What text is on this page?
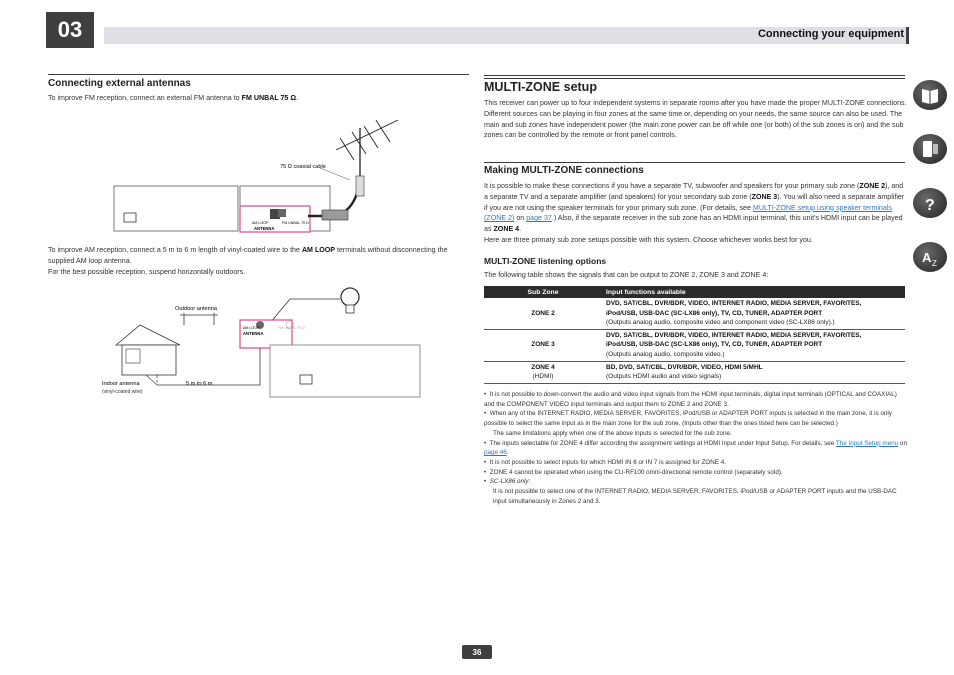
03	Connecting your equipment
Connecting external antennas
To improve FM reception, connect an external FM antenna to FM UNBAL 75 Ω.
75 Ω coaxial cable
AM LOOP	FM UNBAL 75 Ω
ANTENNA
To improve AM reception, connect a 5 m to 6 m length of vinyl-coated wire to the AM LOOP terminals without disconnecting the supplied AM loop antenna.
For the best possible reception, suspend horizontally outdoors.
Outdoor antenna
Indoor antenna
(vinyl-coated wire)
5 m to 6 m
AM LOOP	FM UNBAL 75 Ω
ANTENNA
MULTI-ZONE setup
This receiver can power up to four independent systems in separate rooms after you have made the proper MULTI-ZONE connections.
Different sources can be playing in four zones at the same time or, depending on your needs, the same source can also be used. The main and sub zones have independent power (the main zone power can be off while one (or both) of the sub zones is on) and the sub zones can be controlled by the remote or front panel controls.
Making MULTI-ZONE connections
It is possible to make these connections if you have a separate TV, subwoofer and speakers for your primary sub zone (ZONE 2), and a separate TV and a separate amplifier (and speakers) for your secondary sub zone (ZONE 3). You will also need a separate amplifier if you are not using the speaker terminals for your primary sub zone. (For details, see MULTI-ZONE setup using speaker terminals (ZONE 2) on page 37.) Also, if the separate receiver in the sub zone has an HDMI input terminal, this unit's HDMI input can be played as ZONE 4.
Here are three primary sub zone setups possible with this system. Choose whichever works best for you.
MULTI-ZONE listening options
The following table shows the signals that can be output to ZONE 2, ZONE 3 and ZONE 4:
Sub Zone	Input functions available
ZONE 2	DVD, SAT/CBL, DVR/BDR, VIDEO, INTERNET RADIO, MEDIA SERVER, FAVORITES,
iPod/USB, USB-DAC (SC-LX86 only), TV, CD, TUNER, ADAPTER PORT
(Outputs analog audio, composite video and component video (SC-LX86 only).)
ZONE 3	DVD, SAT/CBL, DVR/BDR, VIDEO, INTERNET RADIO, MEDIA SERVER, FAVORITES,
iPod/USB, USB-DAC (SC-LX86 only), TV, CD, TUNER, ADAPTER PORT
(Outputs analog audio, composite video.)
ZONE 4
(HDMI)	BD, DVD, SAT/CBL, DVR/BDR, VIDEO, HDMI 5/MHL
(Outputs HDMI audio and video signals)
•  It is not possible to down-convert the audio and video input signals from the HDMI input terminals, digital input terminals (OPTICAL and COAXIAL) and the COMPONENT VIDEO input terminals and output them to ZONE 2 and ZONE 3.
•  When any of the INTERNET RADIO, MEDIA SERVER, FAVORITES, iPod/USB or ADAPTER PORT inputs is selected in the main zone, it is only possible to select the same input as in the main zone for the sub zone. (Inputs other than the ones listed here can be selected.)
The same limitations apply when one of the above inputs is selected for the sub zone.
•  The inputs selectable for ZONE 4 differ according the assignment settings at HDMI Input under Input Setup. For details, see The Input Setup menu on page 46.
•  It is not possible to select inputs for which HDMI IN 6 or IN 7 is assigned for ZONE 4.
•  ZONE 4 cannot be operated when using the CU-RF100 omni-directional remote control (separately sold).
•  SC-LX86 only:
It is not possible to select one of the INTERNET RADIO, MEDIA SERVER, FAVORITES, iPod/USB or ADAPTER PORT inputs and the USB-DAC input simultaneously in Zones 2 and 3.
?
A Z
36
